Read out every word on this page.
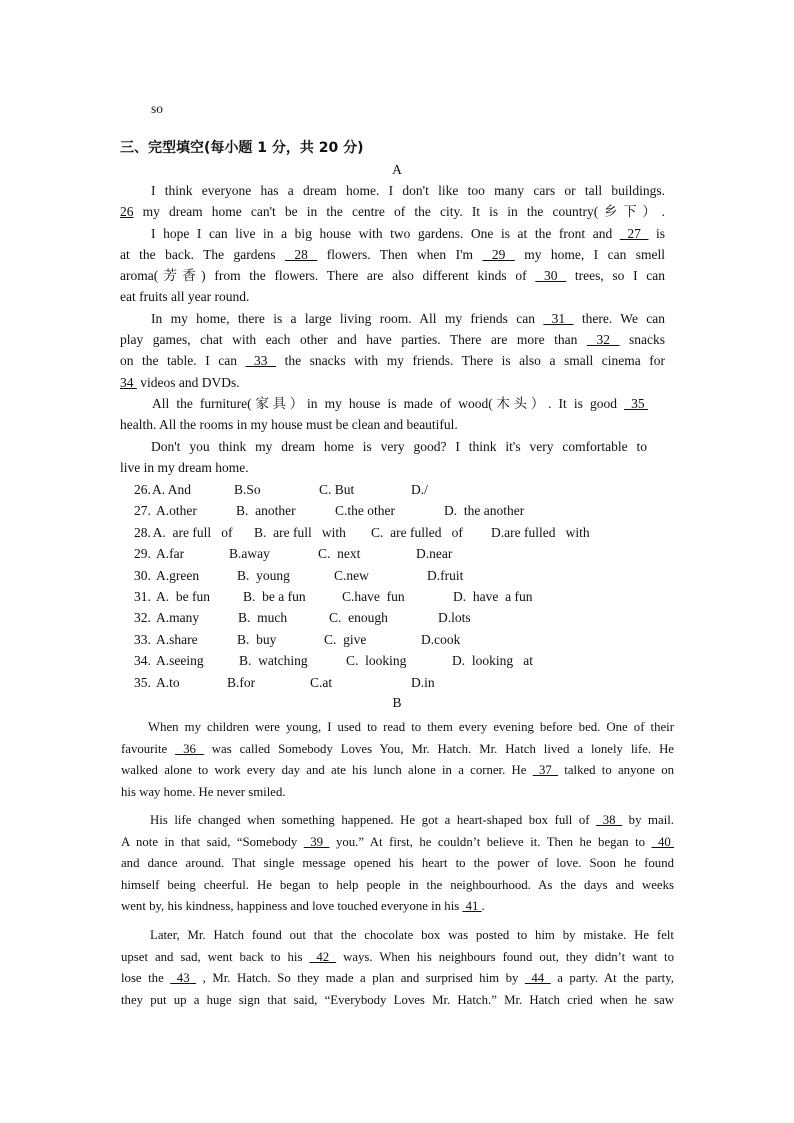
so
三、完型填空(每小题 1 分，共 20 分)
A
I think everyone has a dream home. I don't like too many cars or tall buildings.
26 my dream home can't be in the centre of the city. It is in the country(乡下）.
I hope I can live in a big house with two gardens. One is at the front and  27  is
at the back. The gardens  28  flowers. Then when I'm  29  my home, I can smell
aroma(芳香) from the flowers. There are also different kinds of  30  trees, so I can
eat fruits all year round.
In my home, there is a large living room. All my friends can  31  there. We can
play games, chat with each other and have parties. There are more than  32  snacks
on the table. I can  33  the snacks with my friends. There is also a small cinema for
34  videos and DVDs.
All the furniture(家具）in my house is made of wood(木头）. It is good  35
health. All the rooms in my house must be clean and beautiful.
Don't you think my dream home is very good? I think it's very comfortable to
live in my dream home.
26. A. And	B.So	C. But	D./
27. A.other	B.  another	C.the other	D.  the another
28. A.  are full   of B.  are full   with C.  are fulled   of D.are fulled   with
29. A.far	B.away	C.  next	D.near
30. A.green	B.  young	C.new	D.fruit
31. A.  be fun B.  be a fun	C.have  fun	D.  have  a fun
32. A.many	B.  much	C.  enough	D.lots
33. A.share	B.  buy	C.  give	D.cook
34. A.seeing	B.  watching	C.  looking	D.  looking   at
35. A.to	B.for	C.at	D.in
B
When my children were young, I used to read to them every evening before bed. One of their
favourite  36  was called Somebody Loves You, Mr. Hatch. Mr. Hatch lived a lonely life. He
walked alone to work every day and ate his lunch alone in a corner. He  37  talked to anyone on
his way home. He never smiled.
His life changed when something happened. He got a heart-shaped box full of  38  by mail.
A note in that said, “Somebody  39  you.” At first, he couldn’t believe it. Then he began to  40
and dance around. That single message opened his heart to the power of love. Soon he found
himself being cheerful. He began to help people in the neighbourhood. As the days and weeks
went by, his kindness, happiness and love touched everyone in his  41 .
Later, Mr. Hatch found out that the chocolate box was posted to him by mistake. He felt
upset and sad, went back to his  42  ways. When his neighbours found out, they didn’t want to
lose the  43  , Mr. Hatch. So they made a plan and surprised him by  44  a party. At the party,
they put up a huge sign that said, “Everybody Loves Mr. Hatch.” Mr. Hatch cried when he saw
